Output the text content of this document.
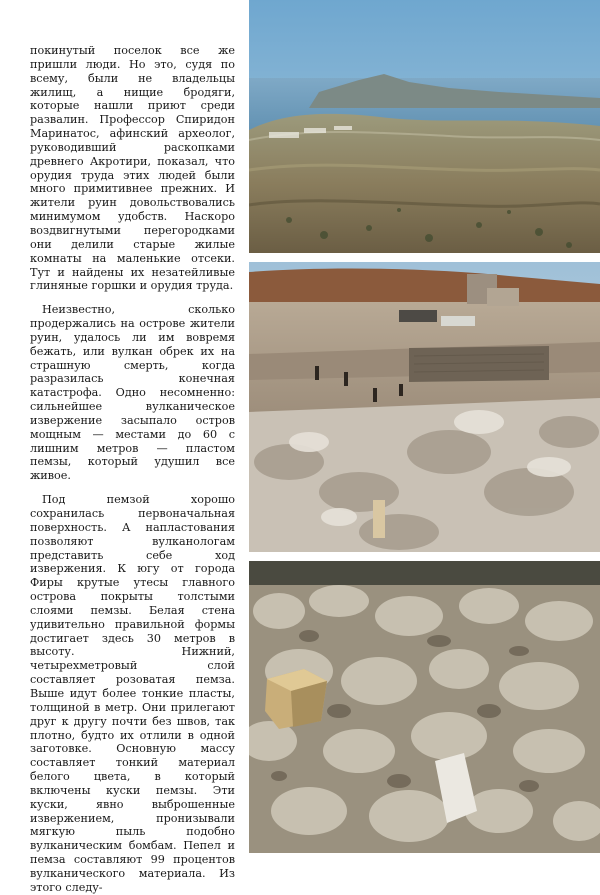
покинутый поселок все же пришли люди. Но это, судя по всему, были не владельцы жилищ, а нищие бродяги, которые нашли приют среди развалин. Профессор Спиридон Маринатос, афинский археолог, руководивший раскопками древнего Акротири, показал, что орудия труда этих людей были много примитивнее прежних. И жители руин довольствовались минимумом удобств. Наскоро воздвигнутыми перегородками они делили старые жилые комнаты на маленькие отсеки. Тут и найдены их незатейливые глиняные горшки и орудия труда.

Неизвестно, сколько продержались на острове жители руин, удалось ли им вовремя бежать, или вулкан обрек их на страшную смерть, когда разразилась конечная катастрофа. Одно несомненно: сильнейшее вулканическое извержение засыпало остров мощным — местами до 60 с лишним метров — пластом пемзы, который удушил все живое.

Под пемзой хорошо сохранилась первоначальная поверхность. А напластования позволяют вулканологам представить себе ход извержения. К югу от города Фиры крутые утесы главного острова покрыты толстыми слоями пемзы. Белая стена удивительно правильной формы достигает здесь 30 метров в высоту. Нижний, четырехметровый слой составляет розоватая пемза. Выше идут более тонкие пласты, толщиной в метр. Они прилегают друг к другу почти без швов, так плотно, будто их отлили в одной заготовке. Основную массу составляет тонкий материал белого цвета, в который включены куски пемзы. Эти куски, явно выброшенные извержением, пронизывали мягкую пыль подобно вулканическим бомбам. Пепел и пемза составляют 99 процентов вулканического материала. Из этого следу-
